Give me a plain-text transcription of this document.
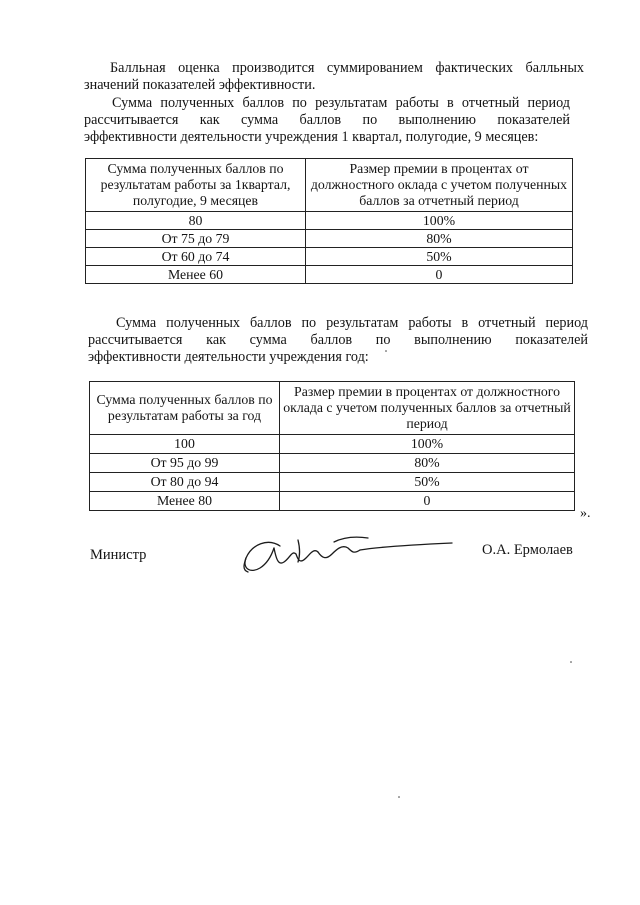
Балльная оценка производится суммированием фактических балльных
значений показателей эффективности.

Сумма полученных баллов по результатам работы в отчетный период
рассчитывается как сумма баллов по выполнению показателей
эффективности деятельности учреждения 1 квартал, полугодие, 9 месяцев:

Сумма полученных баллов по результатам работы за 1квартал, полугодие, 9 месяцев	Размер премии в процентах от должностного оклада с учетом полученных баллов за отчетный период
80	100%
От 75 до 79	80%
От 60 до 74	50%
Менее 60	0

Сумма полученных баллов по результатам работы в отчетный период
рассчитывается как сумма баллов по выполнению показателей
эффективности деятельности учреждения год:

Сумма полученных баллов по результатам работы за год	Размер премии в процентах от должностного оклада с учетом полученных баллов за отчетный период
100	100%
От 95 до 99	80%
От 80 до 94	50%
Менее 80	0
».
Министр	О.А. Ермолаев
